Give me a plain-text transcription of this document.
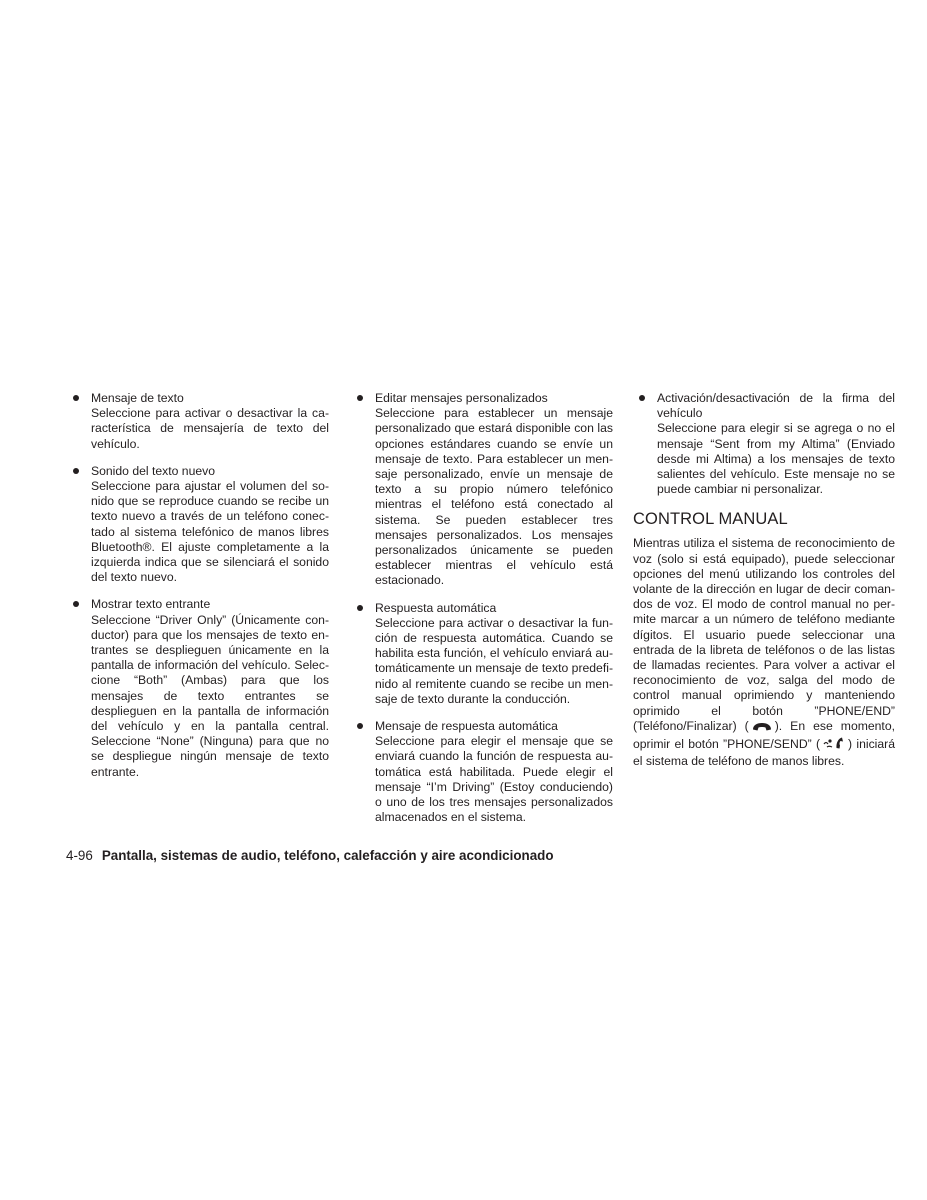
Mensaje de texto
Seleccione para activar o desactivar la característica de mensajería de texto del vehículo.
Sonido del texto nuevo
Seleccione para ajustar el volumen del sonido que se reproduce cuando se recibe un texto nuevo a través de un teléfono conectado al sistema telefónico de manos libres Bluetooth®. El ajuste completamente a la izquierda indica que se silenciará el sonido del texto nuevo.
Mostrar texto entrante
Seleccione “Driver Only” (Únicamente conductor) para que los mensajes de texto entrantes se desplieguen únicamente en la pantalla de información del vehículo. Seleccione “Both” (Ambas) para que los mensajes de texto entrantes se desplieguen en la pantalla de información del vehículo y en la pantalla central. Seleccione “None” (Ninguna) para que no se despliegue ningún mensaje de texto entrante.
Editar mensajes personalizados
Seleccione para establecer un mensaje personalizado que estará disponible con las opciones estándares cuando se envíe un mensaje de texto. Para establecer un mensaje personalizado, envíe un mensaje de texto a su propio número telefónico mientras el teléfono está conectado al sistema. Se pueden establecer tres mensajes personalizados. Los mensajes personalizados únicamente se pueden establecer mientras el vehículo está estacionado.
Respuesta automática
Seleccione para activar o desactivar la función de respuesta automática. Cuando se habilita esta función, el vehículo enviará automáticamente un mensaje de texto predefinido al remitente cuando se recibe un mensaje de texto durante la conducción.
Mensaje de respuesta automática
Seleccione para elegir el mensaje que se enviará cuando la función de respuesta automática está habilitada. Puede elegir el mensaje “I’m Driving” (Estoy conduciendo) o uno de los tres mensajes personalizados almacenados en el sistema.
Activación/desactivación de la firma del vehículo
Seleccione para elegir si se agrega o no el mensaje “Sent from my Altima” (Enviado desde mi Altima) a los mensajes de texto salientes del vehículo. Este mensaje no se puede cambiar ni personalizar.
CONTROL MANUAL
Mientras utiliza el sistema de reconocimiento de voz (solo si está equipado), puede seleccionar opciones del menú utilizando los controles del volante de la dirección en lugar de decir comandos de voz. El modo de control manual no permite marcar a un número de teléfono mediante dígitos. El usuario puede seleccionar una entrada de la libreta de teléfonos o de las listas de llamadas recientes. Para volver a activar el reconocimiento de voz, salga del modo de control manual oprimiendo y manteniendo oprimido el botón ”PHONE/END” (Teléfono/Finalizar) ( ). En ese momento, oprimir el botón ”PHONE/SEND” ( ) iniciará el sistema de teléfono de manos libres.
4-96 Pantalla, sistemas de audio, teléfono, calefacción y aire acondicionado
